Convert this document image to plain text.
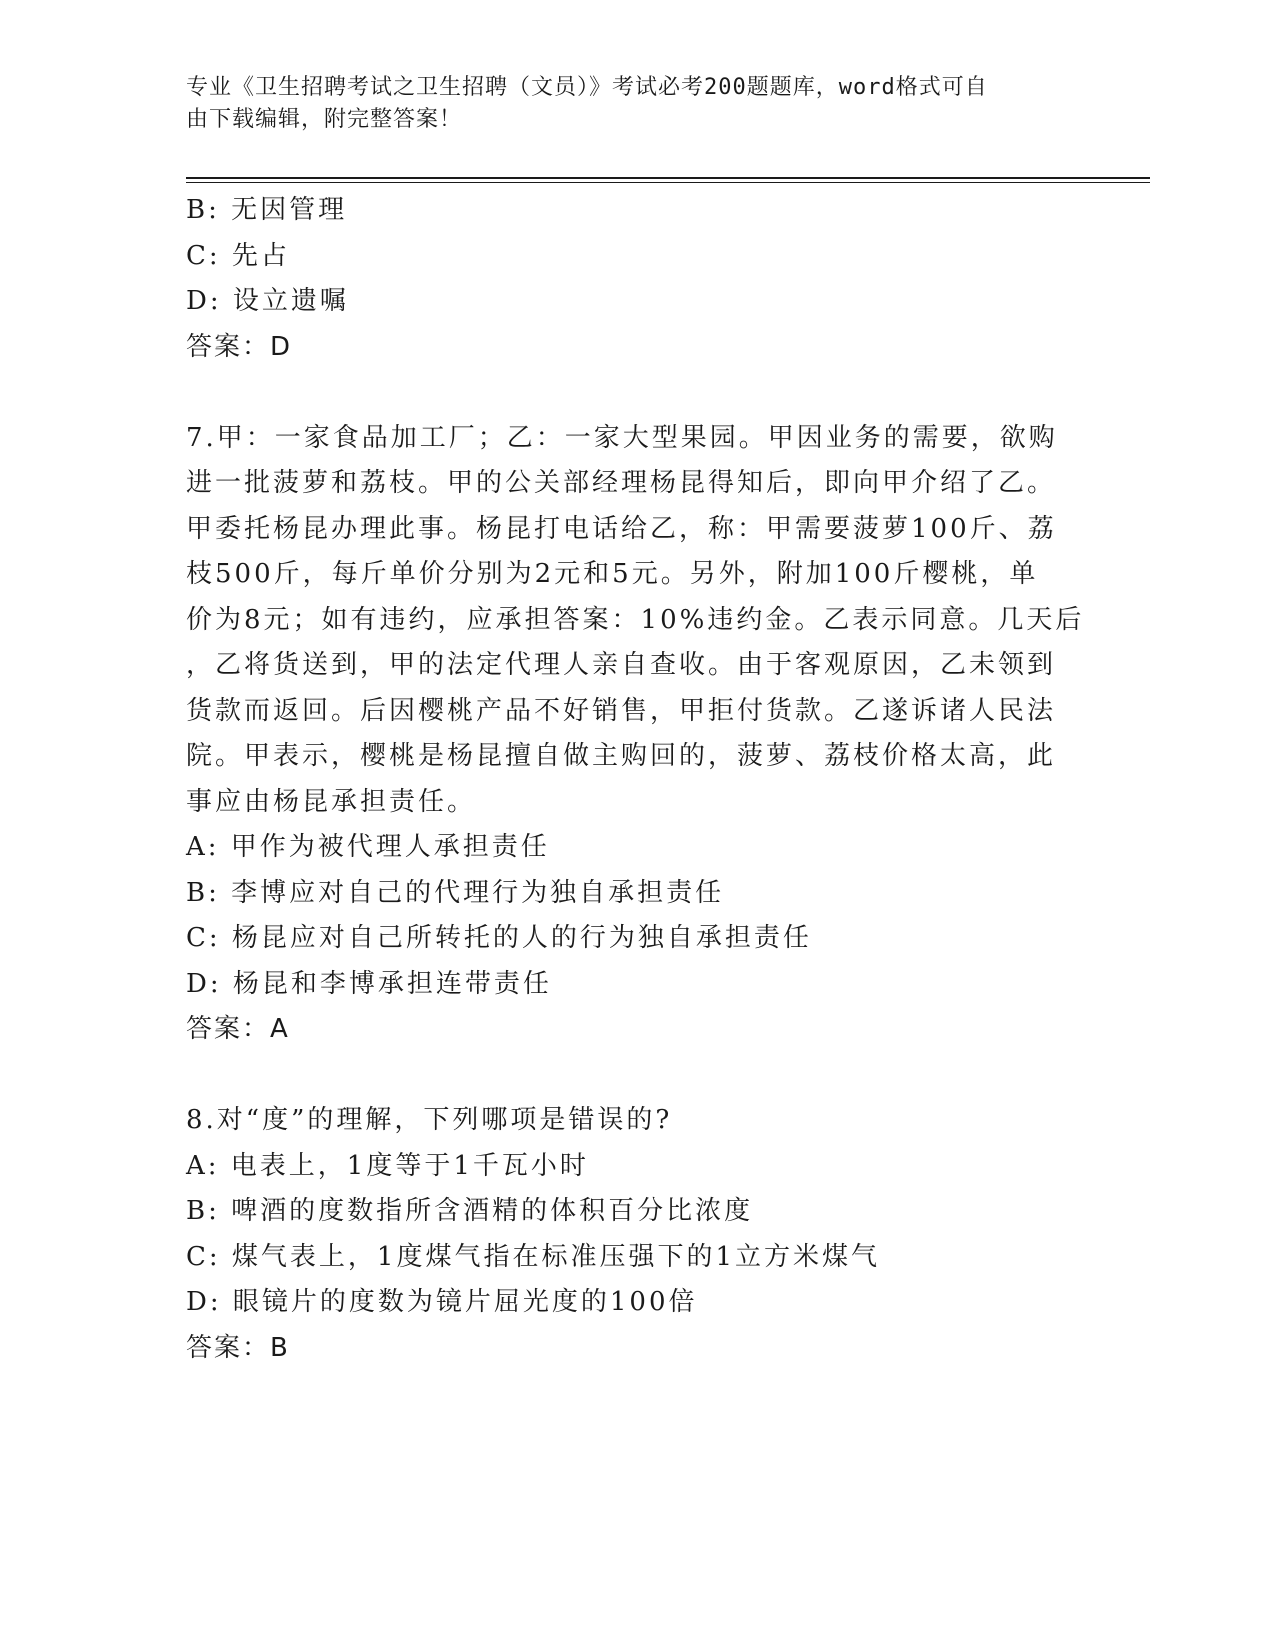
专业《卫生招聘考试之卫生招聘（文员）》考试必考200题题库，word格式可自
由下载编辑，附完整答案！
B: 无因管理
C: 先占
D: 设立遗嘱
答案：D
7.甲：一家食品加工厂；乙：一家大型果园。甲因业务的需要，欲购
进一批菠萝和荔枝。甲的公关部经理杨昆得知后，即向甲介绍了乙。
甲委托杨昆办理此事。杨昆打电话给乙，称：甲需要菠萝100斤、荔
枝500斤，每斤单价分别为2元和5元。另外，附加100斤樱桃，单
价为8元；如有违约，应承担答案：10%违约金。乙表示同意。几天后
，乙将货送到，甲的法定代理人亲自查收。由于客观原因，乙未领到
货款而返回。后因樱桃产品不好销售，甲拒付货款。乙遂诉诸人民法
院。甲表示，樱桃是杨昆擅自做主购回的，菠萝、荔枝价格太高，此
事应由杨昆承担责任。
A: 甲作为被代理人承担责任
B: 李博应对自己的代理行为独自承担责任
C: 杨昆应对自己所转托的人的行为独自承担责任
D: 杨昆和李博承担连带责任
答案：A
8.对“度”的理解，下列哪项是错误的?
A: 电表上，1度等于1千瓦小时
B: 啤酒的度数指所含酒精的体积百分比浓度
C: 煤气表上，1度煤气指在标准压强下的1立方米煤气
D: 眼镜片的度数为镜片屈光度的100倍
答案：B
